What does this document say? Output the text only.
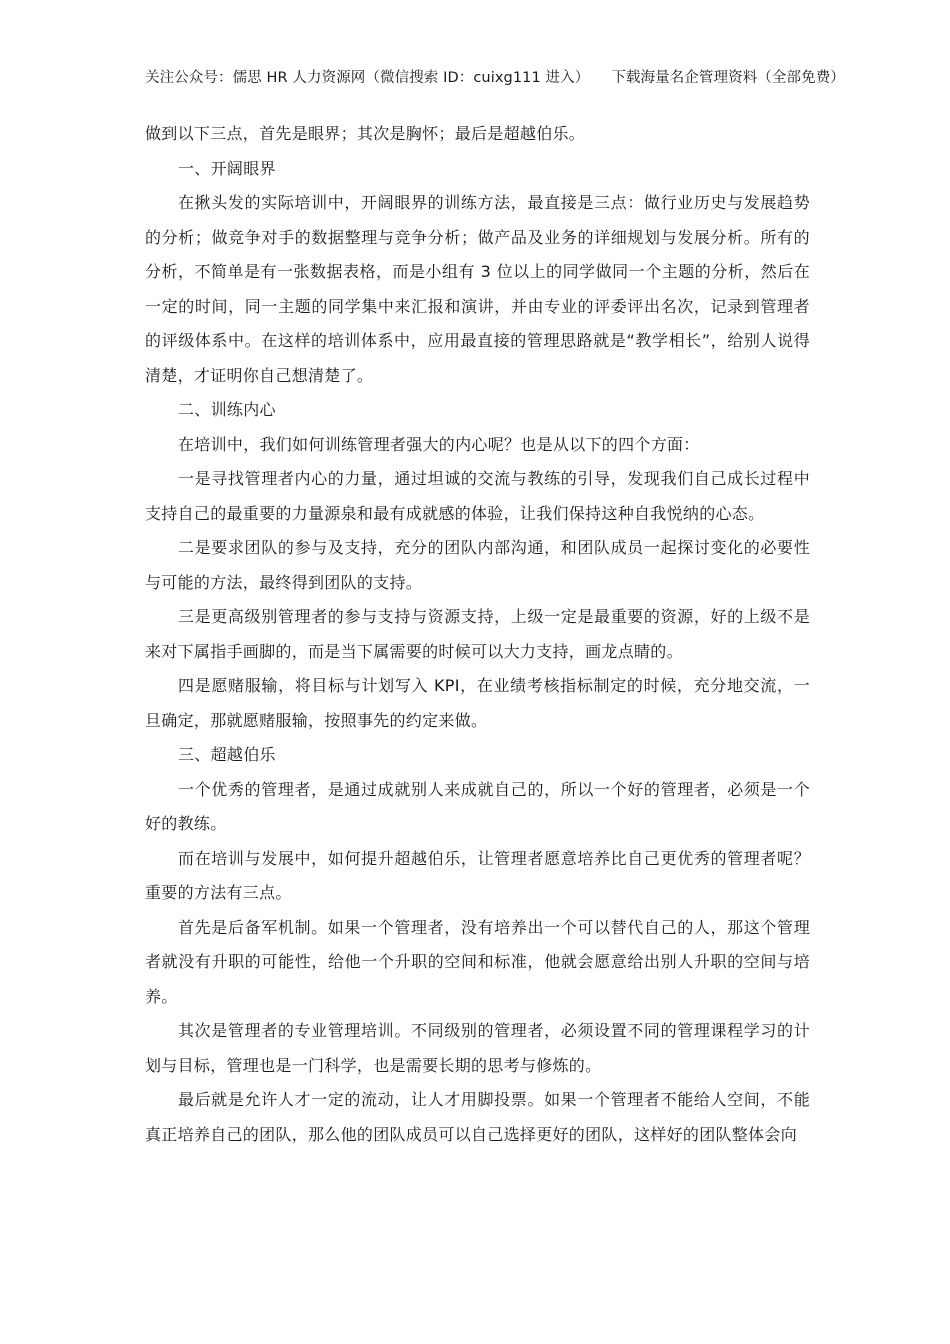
关注公众号：儒思 HR 人力资源网（微信搜索 ID：cuixg111 进入） 下载海量名企管理资料（全部免费）

做到以下三点，首先是眼界；其次是胸怀；最后是超越伯乐。

一、开阔眼界

在揪头发的实际培训中，开阔眼界的训练方法，最直接是三点：做行业历史与发展趋势的分析；做竞争对手的数据整理与竞争分析；做产品及业务的详细规划与发展分析。所有的分析，不简单是有一张数据表格，而是小组有 3 位以上的同学做同一个主题的分析，然后在一定的时间，同一主题的同学集中来汇报和演讲，并由专业的评委评出名次，记录到管理者的评级体系中。在这样的培训体系中，应用最直接的管理思路就是“教学相长”，给别人说得清楚，才证明你自己想清楚了。

二、训练内心

在培训中，我们如何训练管理者强大的内心呢？也是从以下的四个方面：

一是寻找管理者内心的力量，通过坦诚的交流与教练的引导，发现我们自己成长过程中支持自己的最重要的力量源泉和最有成就感的体验，让我们保持这种自我悦纳的心态。

二是要求团队的参与及支持，充分的团队内部沟通，和团队成员一起探讨变化的必要性与可能的方法，最终得到团队的支持。

三是更高级别管理者的参与支持与资源支持，上级一定是最重要的资源，好的上级不是来对下属指手画脚的，而是当下属需要的时候可以大力支持，画龙点睛的。

四是愿赌服输，将目标与计划写入 KPI，在业绩考核指标制定的时候，充分地交流，一旦确定，那就愿赌服输，按照事先的约定来做。

三、超越伯乐

一个优秀的管理者，是通过成就别人来成就自己的，所以一个好的管理者，必须是一个好的教练。

而在培训与发展中，如何提升超越伯乐，让管理者愿意培养比自己更优秀的管理者呢？重要的方法有三点。

首先是后备军机制。如果一个管理者，没有培养出一个可以替代自己的人，那这个管理者就没有升职的可能性，给他一个升职的空间和标准，他就会愿意给出别人升职的空间与培养。

其次是管理者的专业管理培训。不同级别的管理者，必须设置不同的管理课程学习的计划与目标，管理也是一门科学，也是需要长期的思考与修炼的。

最后就是允许人才一定的流动，让人才用脚投票。如果一个管理者不能给人空间，不能真正培养自己的团队，那么他的团队成员可以自己选择更好的团队，这样好的团队整体会向
